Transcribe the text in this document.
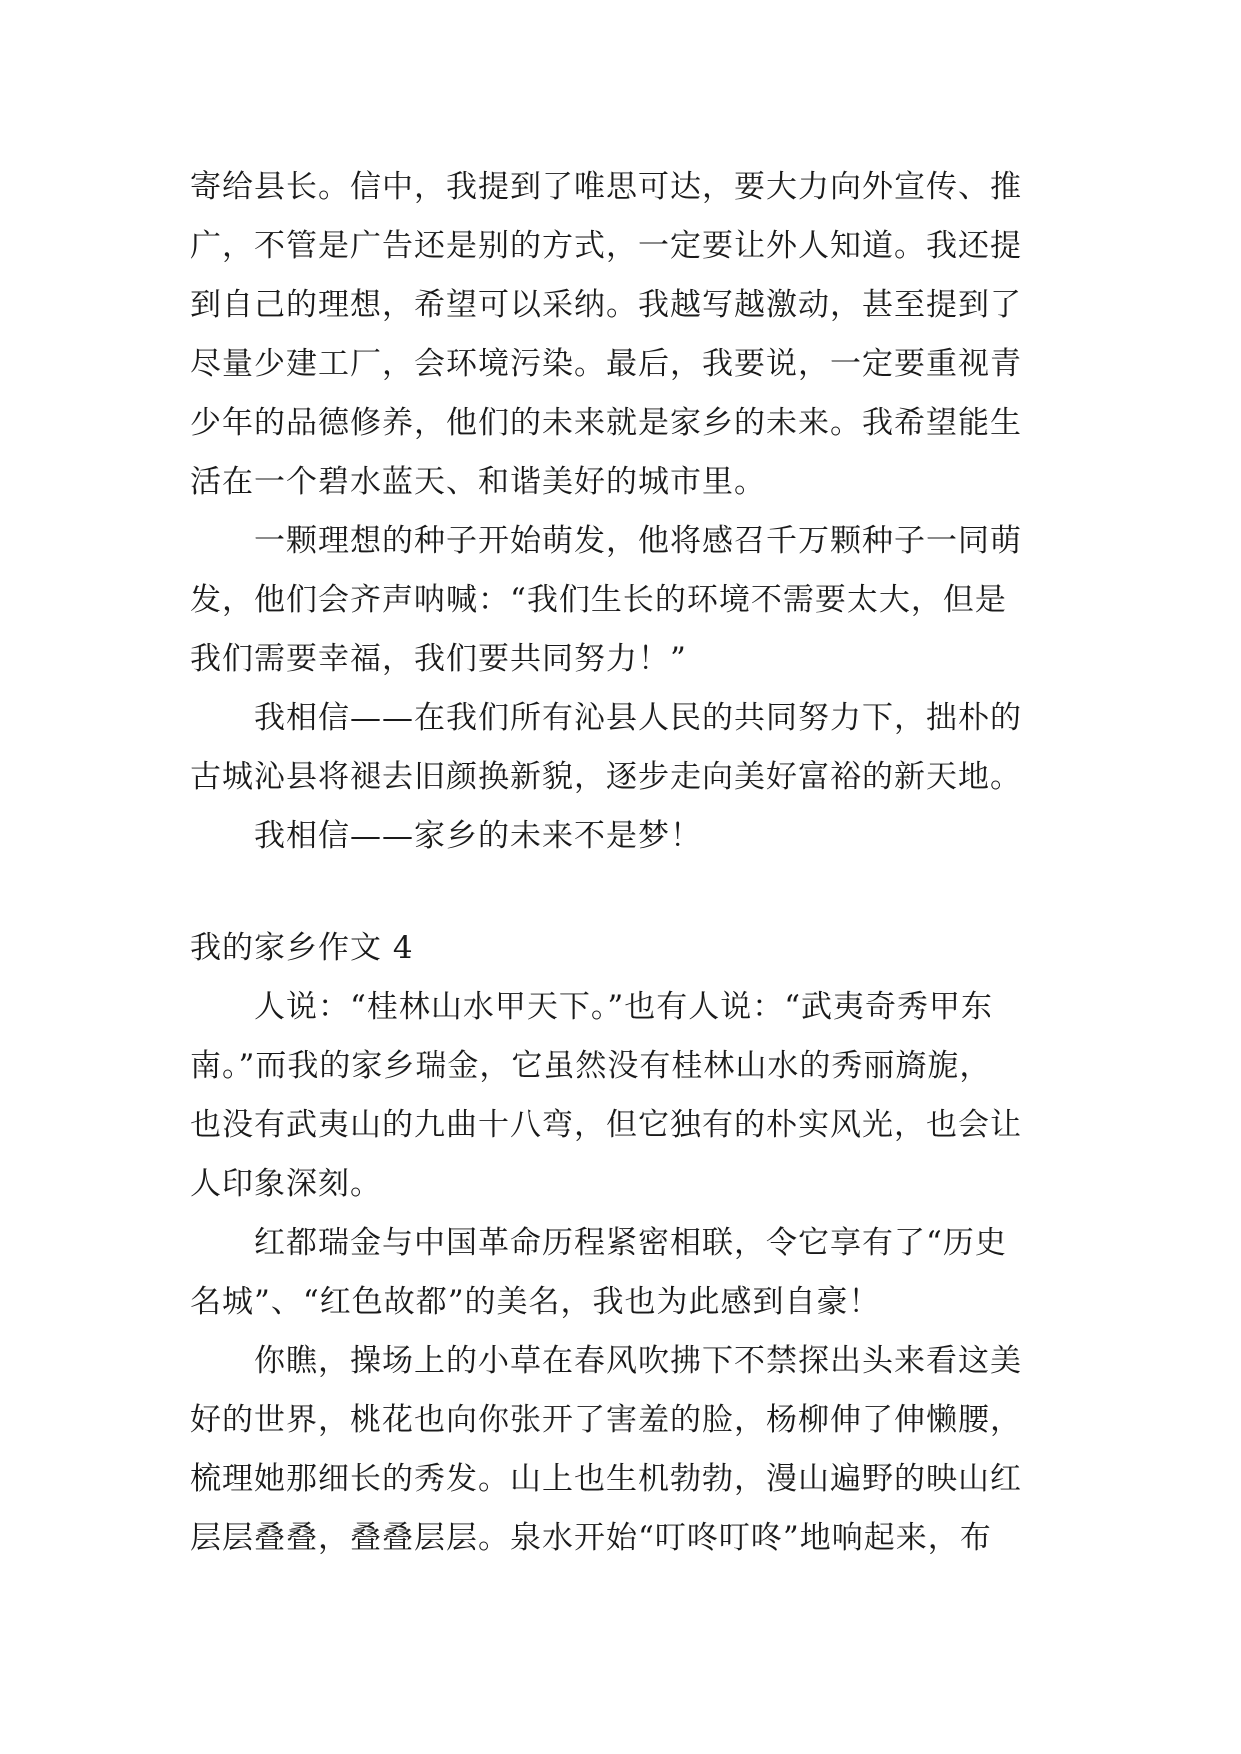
寄给县长。信中，我提到了唯思可达，要大力向外宣传、推
广，不管是广告还是别的方式，一定要让外人知道。我还提
到自己的理想，希望可以采纳。我越写越激动，甚至提到了
尽量少建工厂，会环境污染。最后，我要说，一定要重视青
少年的品德修养，他们的未来就是家乡的未来。我希望能生
活在一个碧水蓝天、和谐美好的城市里。
一颗理想的种子开始萌发，他将感召千万颗种子一同萌
发，他们会齐声呐喊：“我们生长的环境不需要太大，但是
我们需要幸福，我们要共同努力！”
我相信——在我们所有沁县人民的共同努力下，拙朴的
古城沁县将褪去旧颜换新貌，逐步走向美好富裕的新天地。
我相信——家乡的未来不是梦！
我的家乡作文 4
人说：“桂林山水甲天下。”也有人说：“武夷奇秀甲东
南。”而我的家乡瑞金，它虽然没有桂林山水的秀丽旖旎，
也没有武夷山的九曲十八弯，但它独有的朴实风光，也会让
人印象深刻。
红都瑞金与中国革命历程紧密相联，令它享有了“历史
名城”、“红色故都”的美名，我也为此感到自豪！
你瞧，操场上的小草在春风吹拂下不禁探出头来看这美
好的世界，桃花也向你张开了害羞的脸，杨柳伸了伸懒腰，
梳理她那细长的秀发。山上也生机勃勃，漫山遍野的映山红
层层叠叠，叠叠层层。泉水开始“叮咚叮咚”地响起来，布
